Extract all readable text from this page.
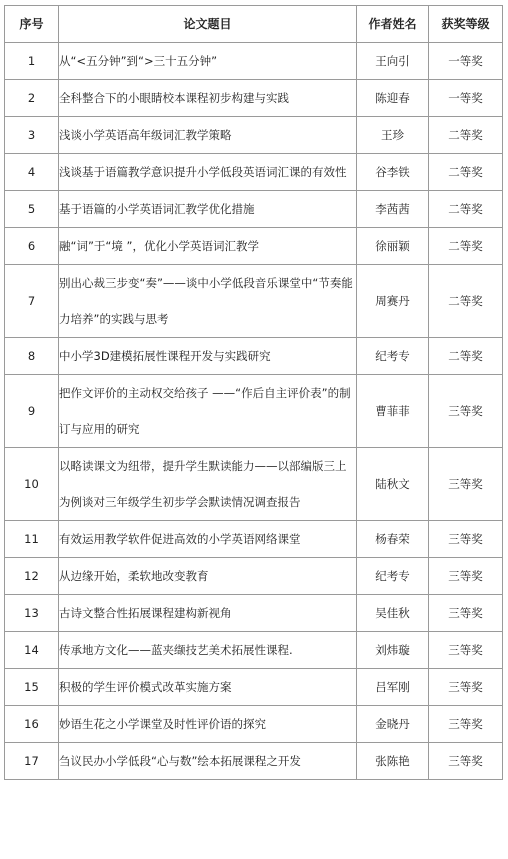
序号	论文题目	作者姓名	获奖等级
1	从“<五分钟”到“>三十五分钟”	王向引	一等奖
2	全科整合下的小眼睛校本课程初步构建与实践	陈迎春	一等奖
3	浅谈小学英语高年级词汇教学策略	王珍	二等奖
4	浅谈基于语篇教学意识提升小学低段英语词汇课的有效性	谷李铁	二等奖
5	基于语篇的小学英语词汇教学优化措施	李茜茜	二等奖
6	融“词”于“境 ”，优化小学英语词汇教学	徐丽颖	二等奖
7	别出心裁三步变“奏”——谈中小学低段音乐课堂中“节奏能力培养”的实践与思考	周赛丹	二等奖
8	中小学3D建模拓展性课程开发与实践研究	纪考专	二等奖
9	把作文评价的主动权交给孩子 ——“作后自主评价表”的制订与应用的研究	曹菲菲	三等奖
10	以略读课文为纽带，提升学生默读能力——以部编版三上为例谈对三年级学生初步学会默读情况调查报告	陆秋文	三等奖
11	有效运用教学软件促进高效的小学英语网络课堂	杨春荣	三等奖
12	从边缘开始，柔软地改变教育	纪考专	三等奖
13	古诗文整合性拓展课程建构新视角	吴佳秋	三等奖
14	传承地方文化——蓝夹缬技艺美术拓展性课程.	刘炜璇	三等奖
15	积极的学生评价模式改革实施方案	吕军刚	三等奖
16	妙语生花之小学课堂及时性评价语的探究	金晓丹	三等奖
17	刍议民办小学低段“心与数”绘本拓展课程之开发	张陈艳	三等奖
